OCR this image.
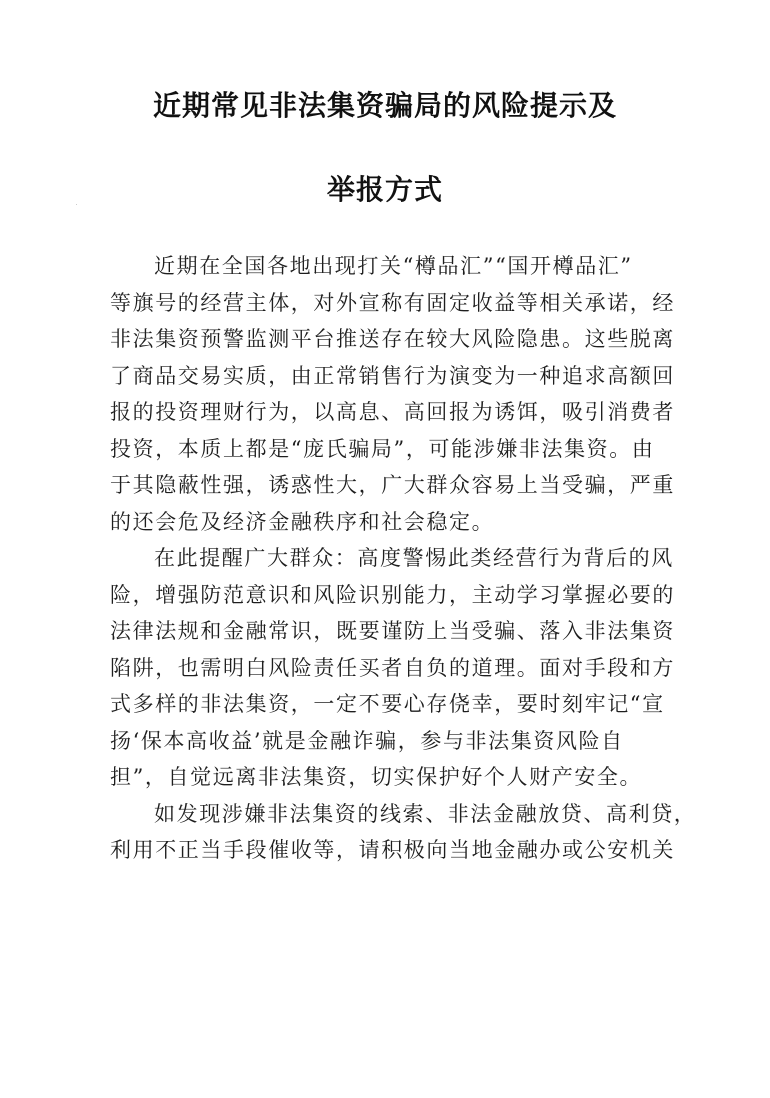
近期常见非法集资骗局的风险提示及
举报方式
近期在全国各地出现打关“樽品汇”“国开樽品汇”
等旗号的经营主体，对外宣称有固定收益等相关承诺，经
非法集资预警监测平台推送存在较大风险隐患。这些脱离
了商品交易实质，由正常销售行为演变为一种追求高额回
报的投资理财行为，以高息、高回报为诱饵，吸引消费者
投资，本质上都是“庞氏骗局”，可能涉嫌非法集资。由
于其隐蔽性强，诱惑性大，广大群众容易上当受骗，严重
的还会危及经济金融秩序和社会稳定。
在此提醒广大群众：高度警惕此类经营行为背后的风
险，增强防范意识和风险识别能力，主动学习掌握必要的
法律法规和金融常识，既要谨防上当受骗、落入非法集资
陷阱，也需明白风险责任买者自负的道理。面对手段和方
式多样的非法集资，一定不要心存侥幸，要时刻牢记“宣
扬‘保本高收益’就是金融诈骗，参与非法集资风险自
担”，自觉远离非法集资，切实保护好个人财产安全。
如发现涉嫌非法集资的线索、非法金融放贷、高利贷，
利用不正当手段催收等，请积极向当地金融办或公安机关
